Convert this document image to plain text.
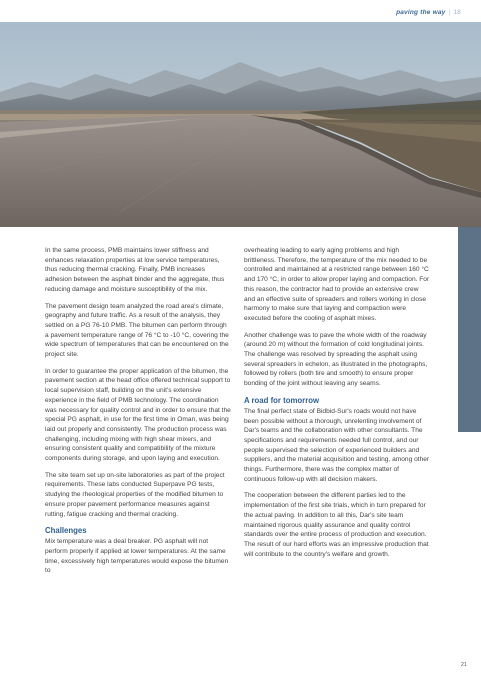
paving the way | 18

In the same process, PMB maintains lower stiffness and enhances relaxation properties at low service temperatures, thus reducing thermal cracking. Finally, PMB increases adhesion between the asphalt binder and the aggregate, thus reducing damage and moisture susceptibility of the mix.

The pavement design team analyzed the road area's climate, geography and future traffic. As a result of the analysis, they settled on a PG 76-10 PMB. The bitumen can perform through a pavement temperature range of 76 °C to -10 °C, covering the wide spectrum of temperatures that can be encountered on the project site.

In order to guarantee the proper application of the bitumen, the pavement section at the head office offered technical support to local supervision staff, building on the unit's extensive experience in the field of PMB technology. The coordination was necessary for quality control and in order to ensure that the special PG asphalt, in use for the first time in Oman, was being laid out properly and consistently. The production process was challenging, including mixing with high shear mixers, and ensuring consistent quality and compatibility of the mixture components during storage, and upon laying and execution.

The site team set up on-site laboratories as part of the project requirements. These labs conducted Superpave PG tests, studying the rheological properties of the modified bitumen to ensure proper pavement performance measures against rutting, fatigue cracking and thermal cracking.

Challenges

Mix temperature was a deal breaker. PG asphalt will not perform properly if applied at lower temperatures. At the same time, excessively high temperatures would expose the bitumen to

overheating leading to early aging problems and high brittleness. Therefore, the temperature of the mix needed to be controlled and maintained at a restricted range between 160 °C and 170 °C, in order to allow proper laying and compaction. For this reason, the contractor had to provide an extensive crew and an effective suite of spreaders and rollers working in close harmony to make sure that laying and compaction were executed before the cooling of asphalt mixes.

Another challenge was to pave the whole width of the roadway (around 20 m) without the formation of cold longitudinal joints. The challenge was resolved by spreading the asphalt using several spreaders in echelon, as illustrated in the photographs, followed by rollers (both tire and smooth) to ensure proper bonding of the joint without leaving any seams.

A road for tomorrow

The final perfect state of Bidbid-Sur's roads would not have been possible without a thorough, unrelenting involvement of Dar's teams and the collaboration with other consultants. The specifications and requirements needed full control, and our people supervised the selection of experienced builders and suppliers, and the material acquisition and testing, among other things. Furthermore, there was the complex matter of continuous follow-up with all decision makers.

The cooperation between the different parties led to the implementation of the first site trials, which in turn prepared for the actual paving. In addition to all this, Dar's site team maintained rigorous quality assurance and quality control standards over the entire process of production and execution. The result of our hard efforts was an impressive production that will contribute to the country's welfare and growth.

21
